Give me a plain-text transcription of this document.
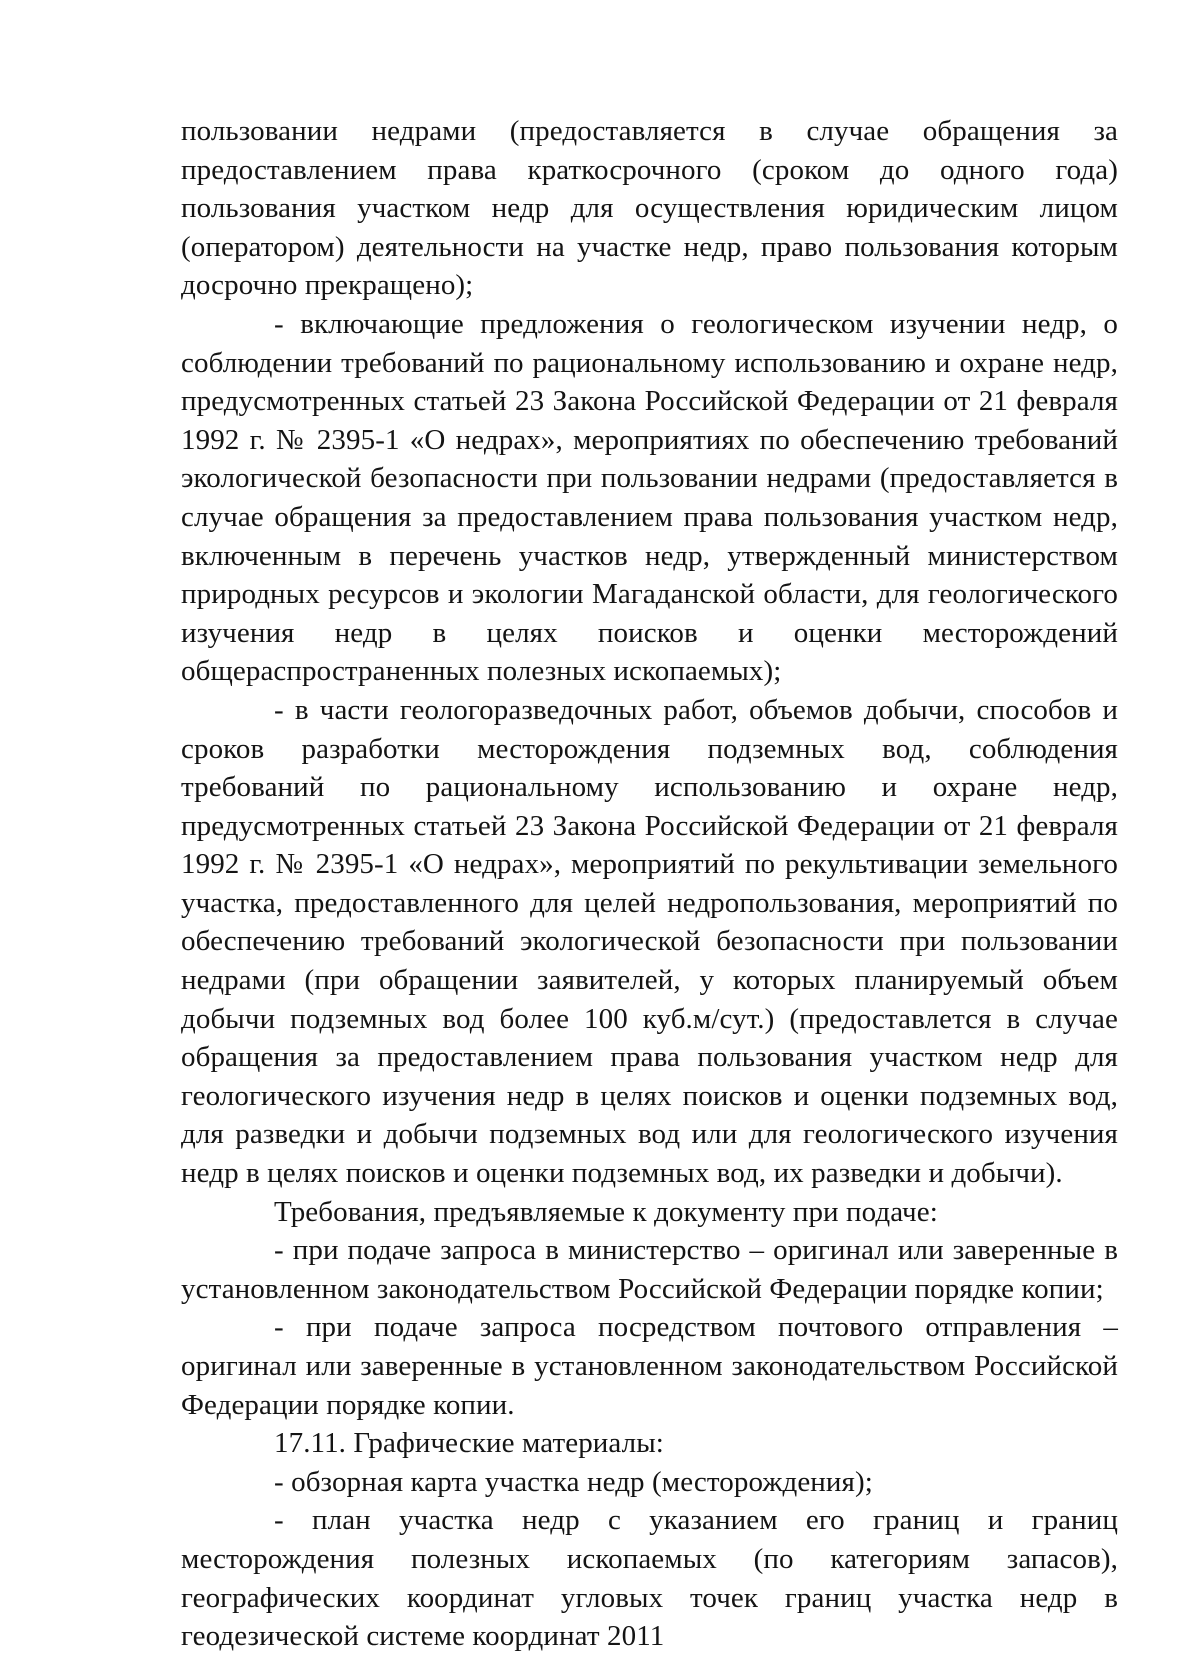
пользовании недрами (предоставляется в случае обращения за предоставлением права краткосрочного (сроком до одного года) пользования участком недр для осуществления юридическим лицом (оператором) деятельности на участке недр, право пользования которым досрочно прекращено);

- включающие предложения о геологическом изучении недр, о соблюдении требований по рациональному использованию и охране недр, предусмотренных статьей 23 Закона Российской Федерации от 21 февраля 1992 г. № 2395-1 «О недрах», мероприятиях по обеспечению требований экологической безопасности при пользовании недрами (предоставляется в случае обращения за предоставлением права пользования участком недр, включенным в перечень участков недр, утвержденный министерством природных ресурсов и экологии Магаданской области, для геологического изучения недр в целях поисков и оценки месторождений общераспространенных полезных ископаемых);

- в части геологоразведочных работ, объемов добычи, способов и сроков разработки месторождения подземных вод, соблюдения требований по рациональному использованию и охране недр, предусмотренных статьей 23 Закона Российской Федерации от 21 февраля 1992 г. № 2395-1 «О недрах», мероприятий по рекультивации земельного участка, предоставленного для целей недропользования, мероприятий по обеспечению требований экологической безопасности при пользовании недрами (при обращении заявителей, у которых планируемый объем добычи подземных вод более 100 куб.м/сут.) (предоставлется в случае обращения за предоставлением права пользования участком недр для геологического изучения недр в целях поисков и оценки подземных вод, для разведки и добычи подземных вод или для геологического изучения недр в целях поисков и оценки подземных вод, их разведки и добычи).

Требования, предъявляемые к документу при подаче:

- при подаче запроса в министерство – оригинал или заверенные в установленном законодательством Российской Федерации порядке копии;

- при подаче запроса посредством почтового отправления – оригинал или заверенные в установленном законодательством Российской Федерации порядке копии.

17.11. Графические материалы:

- обзорная карта участка недр (месторождения);

- план участка недр с указанием его границ и границ месторождения полезных ископаемых (по категориям запасов), географических координат угловых точек границ участка недр в геодезической системе координат 2011
